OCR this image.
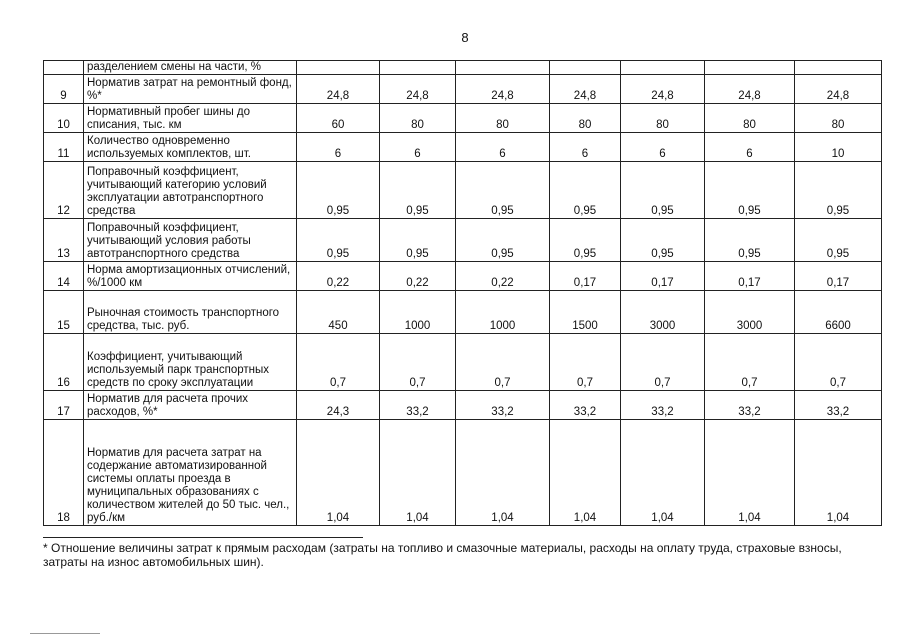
8
	разделением смены на части, %							
9	Норматив затрат на ремонтный фонд, %*	24,8	24,8	24,8	24,8	24,8	24,8	24,8
10	Нормативный пробег шины до списания, тыс. км	60	80	80	80	80	80	80
11	Количество одновременно используемых комплектов, шт.	6	6	6	6	6	6	10
12	Поправочный коэффициент, учитывающий категорию условий эксплуатации автотранспортного средства	0,95	0,95	0,95	0,95	0,95	0,95	0,95
13	Поправочный коэффициент, учитывающий условия работы автотранспортного средства	0,95	0,95	0,95	0,95	0,95	0,95	0,95
14	Норма амортизационных отчислений, %/1000 км	0,22	0,22	0,22	0,17	0,17	0,17	0,17
15	Рыночная стоимость транспортного средства, тыс. руб.	450	1000	1000	1500	3000	3000	6600
16	Коэффициент, учитывающий используемый парк транспортных средств по сроку эксплуатации	0,7	0,7	0,7	0,7	0,7	0,7	0,7
17	Норматив для расчета прочих расходов, %*	24,3	33,2	33,2	33,2	33,2	33,2	33,2
18	Норматив для расчета затрат на содержание автоматизированной системы оплаты проезда в муниципальных образованиях с количеством жителей до 50 тыс. чел., руб./км	1,04	1,04	1,04	1,04	1,04	1,04	1,04
* Отношение величины затрат к прямым расходам (затраты на топливо и смазочные материалы, расходы на оплату труда, страховые взносы, затраты на износ автомобильных шин).
